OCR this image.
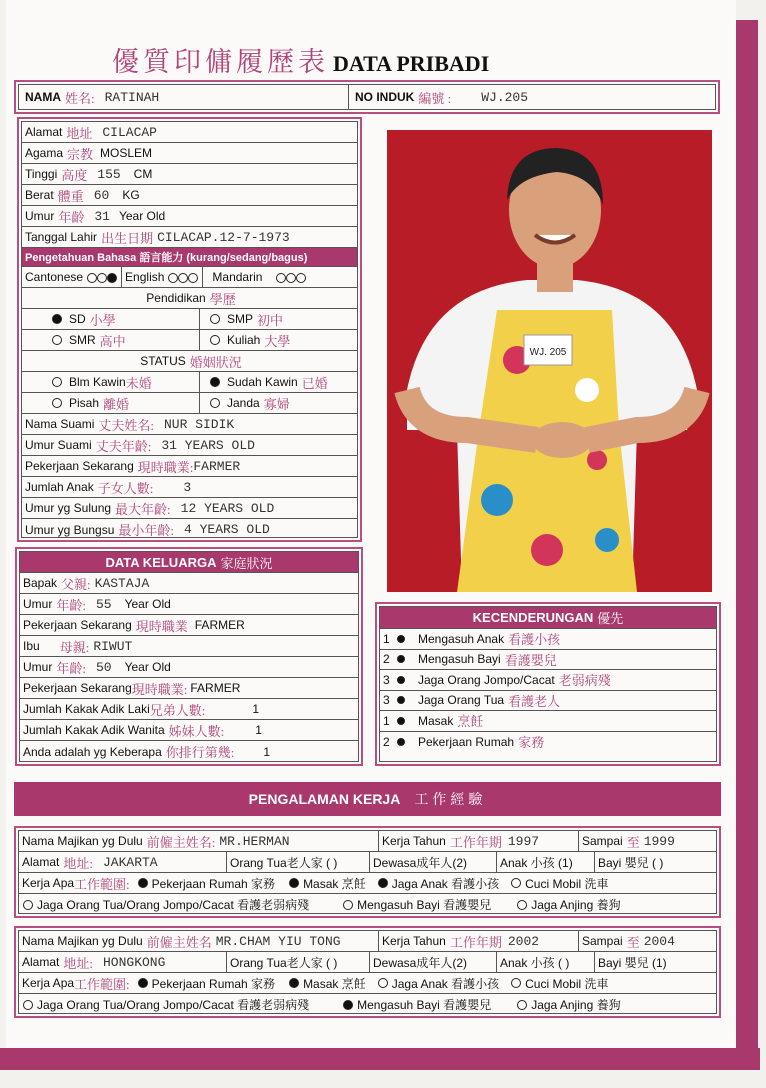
優質印傭履歷表 DATA PRIBADI
NAMA 姓名: RATINAH	NO INDUK 編號 : WJ.205
Alamat 地址 CILACAP
Agama 宗教 MOSLEM
Tinggi 高度 155 CM
Berat 體重 60 KG
Umur 年齡 31 Year Old
Tanggal Lahir 出生日期 CILACAP.12-7-1973
Pengetahuan Bahasa 語言能力 (kurang/sedang/bagus)
Cantonese	English	Mandarin
Pendidikan 學歷
SD 小學	SMP 初中
SMR 高中	Kuliah 大學
STATUS 婚姻狀況
Blm Kawin 未婚	Sudah Kawin 已婚
Pisah 離婚	Janda 寡婦
Nama Suami 丈夫姓名: NUR SIDIK
Umur Suami 丈夫年齡: 31 YEARS OLD
Pekerjaan Sekarang 現時職業: FARMER
Jumlah Anak 子女人數: 3
Umur yg Sulung 最大年齡: 12 YEARS OLD
Umur yg Bungsu 最小年齡: 4 YEARS OLD
WJ. 205
DATA KELUARGA 家庭狀況
Bapak 父親: KASTAJA
Umur 年齡: 55 Year Old
Pekerjaan Sekarang 現時職業 FARMER
Ibu 母親: RIWUT
Umur 年齡: 50 Year Old
Pekerjaan Sekarang 現時職業: FARMER
Jumlah Kakak Adik Laki 兄弟人數:	1
Jumlah Kakak Adik Wanita 姊妹人數:	1
Anda adalah yg Keberapa 你排行第幾: 1
KECENDERUNGAN 優先
1	Mengasuh Anak 看護小孩
2	Mengasuh Bayi 看護嬰兒
3	Jaga Orang Jompo/Cacat 老弱病殘
3	Jaga Orang Tua 看護老人
1	Masak 烹飪
2	Pekerjaan Rumah 家務
PENGALAMAN KERJA 工作經驗
Nama Majikan yg Dulu 前僱主姓名: MR.HERMAN	Kerja Tahun 工作年期 1997	Sampai 至 1999
Alamat 地址: JAKARTA	Orang Tua老人家 ( )	Dewasa成年人(2)	Anak 小孩 (1) Bayi 嬰兒 ( )
Kerja Apa 工作範圍: Pekerjaan Rumah 家務 Masak 烹飪 Jaga Anak 看護小孩 Cuci Mobil 洗車
Jaga Orang Tua/Orang Jompo/Cacat 看護老弱病殘	Mengasuh Bayi 看護嬰兒	Jaga Anjing 養狗
Nama Majikan yg Dulu 前僱主姓名 MR.CHAM YIU TONG	Kerja Tahun 工作年期 2002	Sampai 至 2004
Alamat 地址: HONGKONG	Orang Tua老人家 ( )	Dewasa成年人(2)	Anak 小孩 ( ) Bayi 嬰兒 (1)
Kerja Apa 工作範圍: Pekerjaan Rumah 家務 Masak 烹飪 Jaga Anak 看護小孩 Cuci Mobil 洗車
Jaga Orang Tua/Orang Jompo/Cacat 看護老弱病殘	Mengasuh Bayi 看護嬰兒	Jaga Anjing 養狗
